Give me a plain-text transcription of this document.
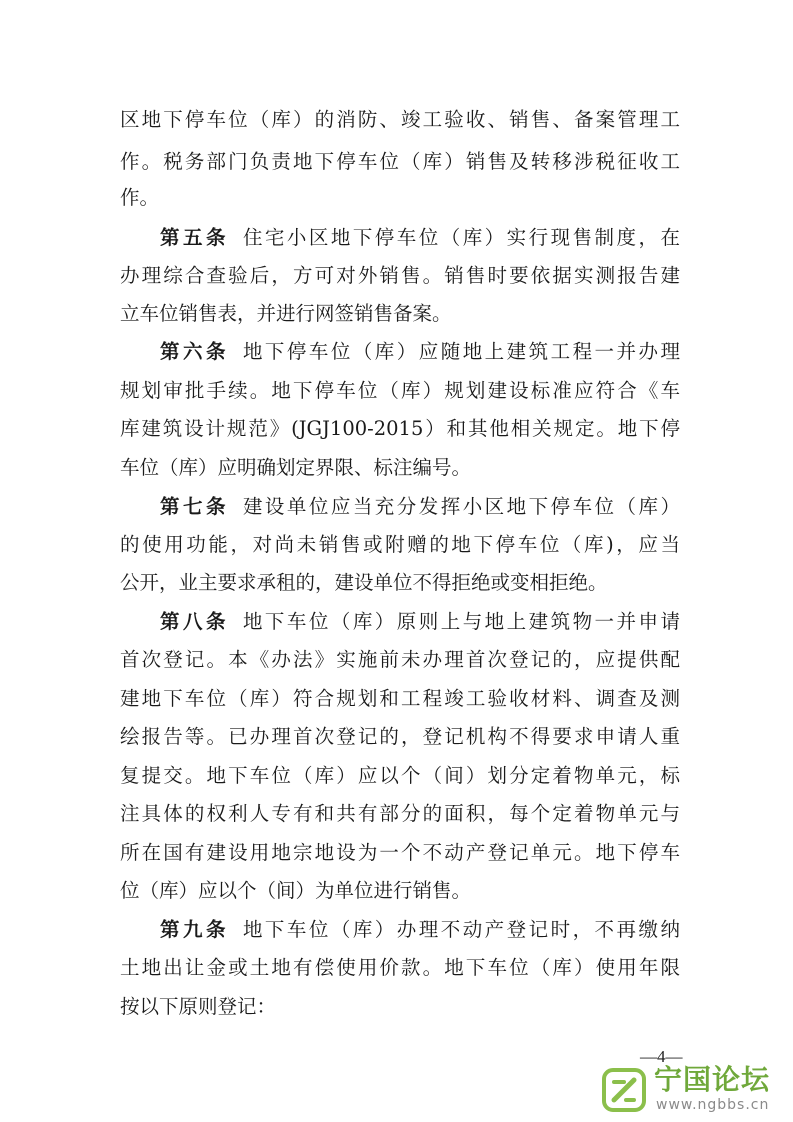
区地下停车位（库）的消防、竣工验收、销售、备案管理工
作。税务部门负责地下停车位（库）销售及转移涉税征收工
作。
第五条 住宅小区地下停车位（库）实行现售制度，在
办理综合查验后，方可对外销售。销售时要依据实测报告建
立车位销售表，并进行网签销售备案。
第六条 地下停车位（库）应随地上建筑工程一并办理
规划审批手续。地下停车位（库）规划建设标准应符合《车
库建筑设计规范》(JGJ100-2015）和其他相关规定。地下停
车位（库）应明确划定界限、标注编号。
第七条 建设单位应当充分发挥小区地下停车位（库）
的使用功能，对尚未销售或附赠的地下停车位（库)，应当
公开，业主要求承租的，建设单位不得拒绝或变相拒绝。
第八条 地下车位（库）原则上与地上建筑物一并申请
首次登记。本《办法》实施前未办理首次登记的，应提供配
建地下车位（库）符合规划和工程竣工验收材料、调查及测
绘报告等。已办理首次登记的，登记机构不得要求申请人重
复提交。地下车位（库）应以个（间）划分定着物单元，标
注具体的权利人专有和共有部分的面积，每个定着物单元与
所在国有建设用地宗地设为一个不动产登记单元。地下停车
位（库）应以个（间）为单位进行销售。
第九条 地下车位（库）办理不动产登记时，不再缴纳
土地出让金或土地有偿使用价款。地下车位（库）使用年限
按以下原则登记：
—4—
宁国论坛
www.ngbbs.cn
